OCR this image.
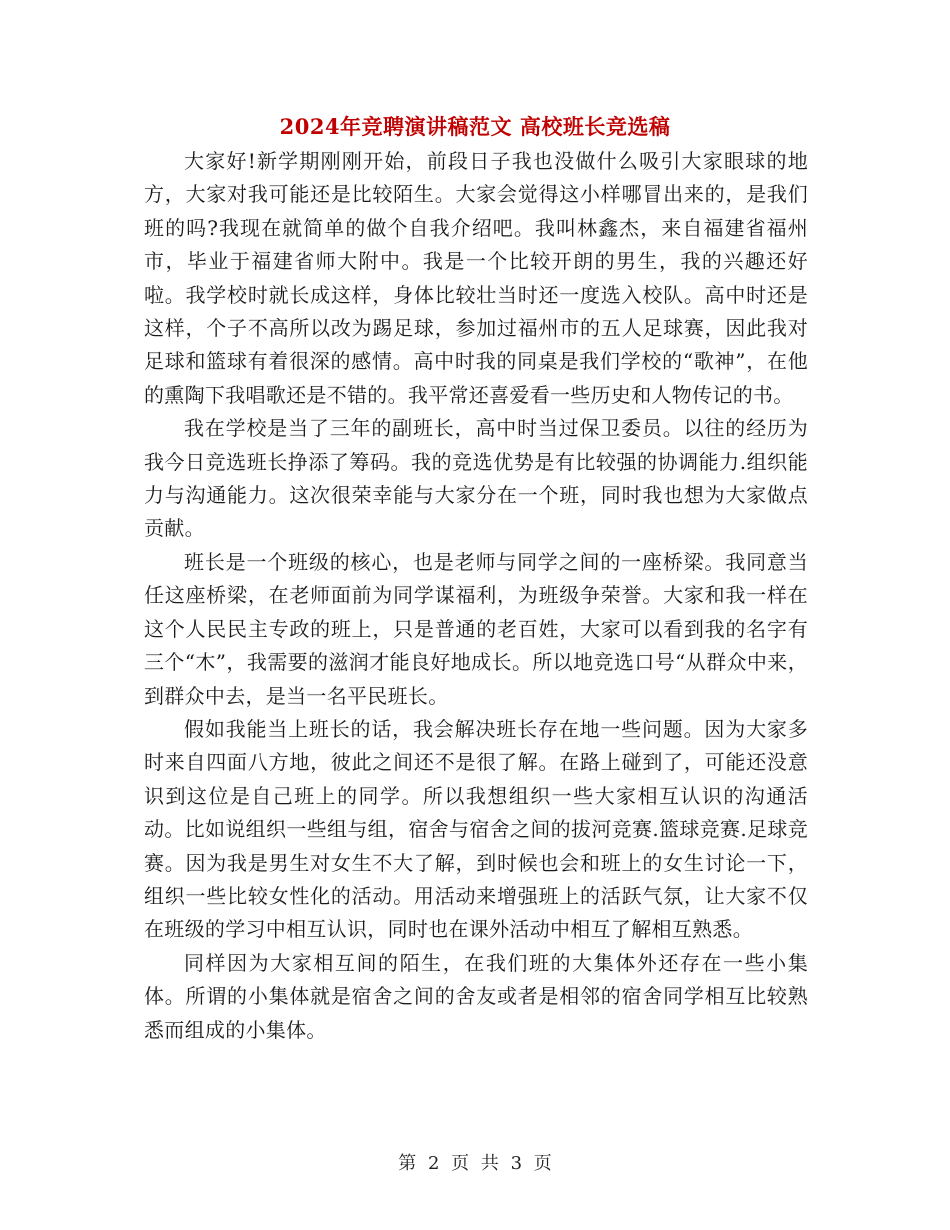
2024年竞聘演讲稿范文 高校班长竞选稿

大家好!新学期刚刚开始，前段日子我也没做什么吸引大家眼球的地方，大家对我可能还是比较陌生。大家会觉得这小样哪冒出来的，是我们班的吗?我现在就简单的做个自我介绍吧。我叫林鑫杰，来自福建省福州市，毕业于福建省师大附中。我是一个比较开朗的男生，我的兴趣还好啦。我学校时就长成这样，身体比较壮当时还一度选入校队。高中时还是这样，个子不高所以改为踢足球，参加过福州市的五人足球赛，因此我对足球和篮球有着很深的感情。高中时我的同桌是我们学校的“歌神”，在他的熏陶下我唱歌还是不错的。我平常还喜爱看一些历史和人物传记的书。

我在学校是当了三年的副班长，高中时当过保卫委员。以往的经历为我今日竞选班长挣添了筹码。我的竞选优势是有比较强的协调能力.组织能力与沟通能力。这次很荣幸能与大家分在一个班，同时我也想为大家做点贡献。

班长是一个班级的核心，也是老师与同学之间的一座桥梁。我同意当任这座桥梁，在老师面前为同学谋福利，为班级争荣誉。大家和我一样在这个人民民主专政的班上，只是普通的老百姓，大家可以看到我的名字有三个“木”，我需要的滋润才能良好地成长。所以地竞选口号“从群众中来，到群众中去，是当一名平民班长。

假如我能当上班长的话，我会解决班长存在地一些问题。因为大家多时来自四面八方地，彼此之间还不是很了解。在路上碰到了，可能还没意识到这位是自己班上的同学。所以我想组织一些大家相互认识的沟通活动。比如说组织一些组与组，宿舍与宿舍之间的拔河竞赛.篮球竞赛.足球竞赛。因为我是男生对女生不大了解，到时候也会和班上的女生讨论一下，组织一些比较女性化的活动。用活动来增强班上的活跃气氛，让大家不仅在班级的学习中相互认识，同时也在课外活动中相互了解相互熟悉。

同样因为大家相互间的陌生，在我们班的大集体外还存在一些小集体。所谓的小集体就是宿舍之间的舍友或者是相邻的宿舍同学相互比较熟悉而组成的小集体。

第 2 页 共 3 页
